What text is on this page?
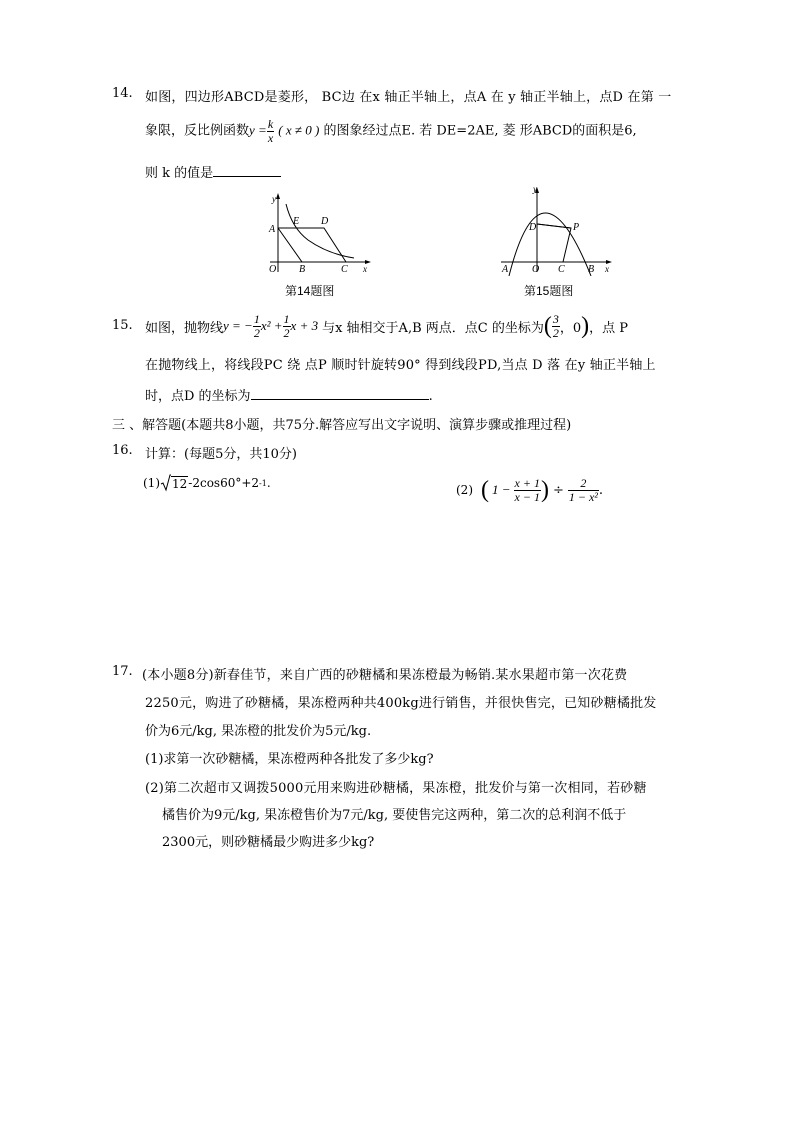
14. 如图，四边形ABCD是菱形， BC边 在x 轴正半轴上，点A 在 y 轴正半轴上，点D 在第 一
象限，反比例函数$y = \frac{k}{x}$ ( x ≠ 0 ) 的图象经过点E. 若 DE=2AE, 菱 形ABCD的面积是6,
则 k 的值是
y
x
A
E D
O B	C
第14题图
y
x
D	P
A O C B
第15题图
15. 如图，抛物线 y = − $\frac{1}{2} x^2 + \frac{1}{2}$ x + 3 与x 轴相交于A,B 两点．点C 的坐标为 ( $\frac{3}{2}$ ，0 ) ，点 P
在抛物线上，将线段PC 绕 点P 顺时针旋转90° 得到线段PD,当点 D 落 在y 轴正半轴上
时，点D 的坐标为	.
三 、解答题(本题共8小题，共75分.解答应写出文字说明、演算步骤或推理过程)
16. 计算：(每题5分，共10分)
(1) 12 -2cos60°+2 -1 .	(2) ( $1 - \frac{x + 1}{x - 1}$ ) ÷ $\frac{2}{\text{1 − x²}}$ .
17. (本小题8分)新春佳节，来自广西的砂糖橘和果冻橙最为畅销.某水果超市第一次花费
2250元，购进了砂糖橘，果冻橙两种共400kg进行销售，并很快售完，已知砂糖橘批发
价为6元/kg, 果冻橙的批发价为5元/kg.
(1)求第一次砂糖橘，果冻橙两种各批发了多少kg?
(2)第二次超市又调拨5000元用来购进砂糖橘，果冻橙，批发价与第一次相同，若砂糖
橘售价为9元/kg, 果冻橙售价为7元/kg, 要使售完这两种，第二次的总利润不低于
2300元，则砂糖橘最少购进多少kg?
